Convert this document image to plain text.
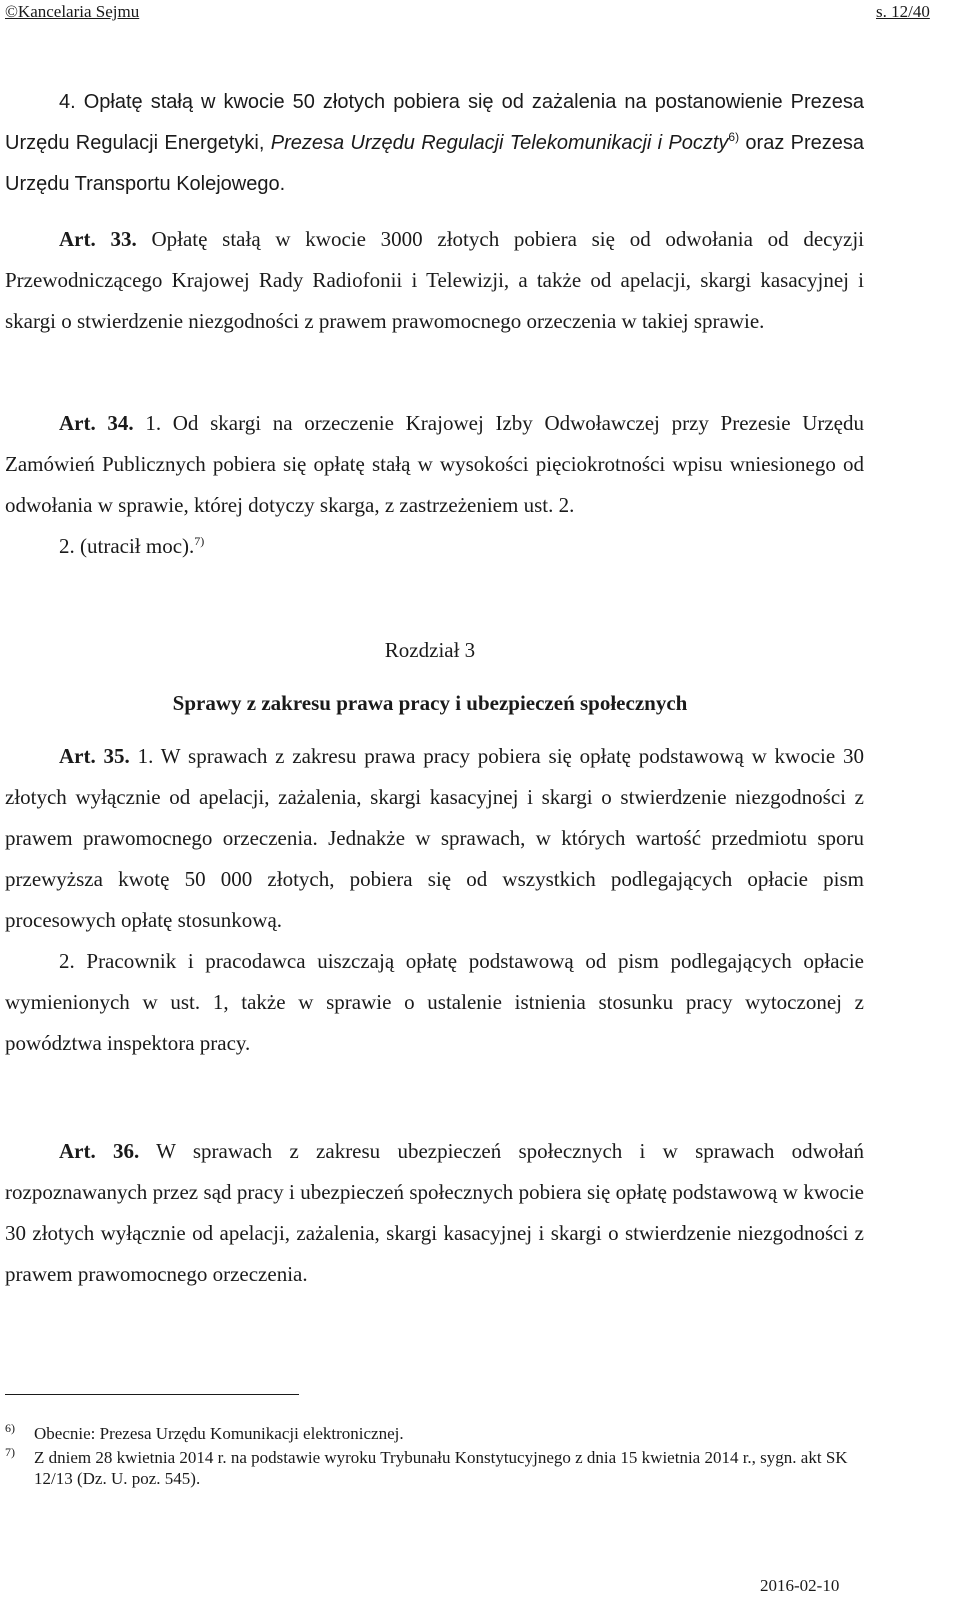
©Kancelaria Sejmu	s. 12/40

4. Opłatę stałą w kwocie 50 złotych pobiera się od zażalenia na postanowienie Prezesa Urzędu Regulacji Energetyki, Prezesa Urzędu Regulacji Telekomunikacji i Poczty$^{6)}$ oraz Prezesa Urzędu Transportu Kolejowego.

Art. 33. Opłatę stałą w kwocie 3000 złotych pobiera się od odwołania od decyzji Przewodniczącego Krajowej Rady Radiofonii i Telewizji, a także od apelacji, skargi kasacyjnej i skargi o stwierdzenie niezgodności z prawem prawomocnego orzeczenia w takiej sprawie.

Art. 34. 1. Od skargi na orzeczenie Krajowej Izby Odwoławczej przy Prezesie Urzędu Zamówień Publicznych pobiera się opłatę stałą w wysokości pięciokrotności wpisu wniesionego od odwołania w sprawie, której dotyczy skarga, z zastrzeżeniem ust. 2.

2. (utracił moc).$^{7)}$

Rozdział 3
Sprawy z zakresu prawa pracy i ubezpieczeń społecznych

Art. 35. 1. W sprawach z zakresu prawa pracy pobiera się opłatę podstawową w kwocie 30 złotych wyłącznie od apelacji, zażalenia, skargi kasacyjnej i skargi o stwierdzenie niezgodności z prawem prawomocnego orzeczenia. Jednakże w sprawach, w których wartość przedmiotu sporu przewyższa kwotę 50 000 złotych, pobiera się od wszystkich podlegających opłacie pism procesowych opłatę stosunkową.

2. Pracownik i pracodawca uiszczają opłatę podstawową od pism podlegających opłacie wymienionych w ust. 1, także w sprawie o ustalenie istnienia stosunku pracy wytoczonej z powództwa inspektora pracy.

Art. 36. W sprawach z zakresu ubezpieczeń społecznych i w sprawach odwołań rozpoznawanych przez sąd pracy i ubezpieczeń społecznych pobiera się opłatę podstawową w kwocie 30 złotych wyłącznie od apelacji, zażalenia, skargi kasacyjnej i skargi o stwierdzenie niezgodności z prawem prawomocnego orzeczenia.

6) Obecnie: Prezesa Urzędu Komunikacji elektronicznej.
7) Z dniem 28 kwietnia 2014 r. na podstawie wyroku Trybunału Konstytucyjnego z dnia 15 kwietnia 2014 r., sygn. akt SK 12/13 (Dz. U. poz. 545).
2016-02-10
